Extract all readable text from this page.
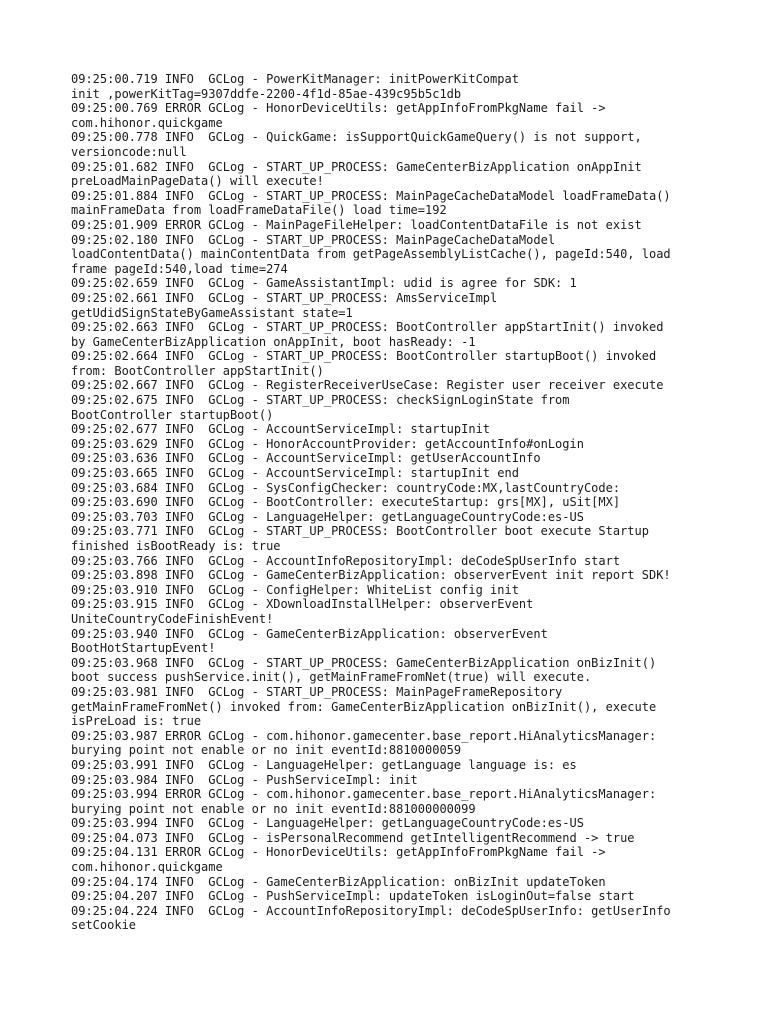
09:25:00.719 INFO  GCLog - PowerKitManager: initPowerKitCompat
init ,powerKitTag=9307ddfe-2200-4f1d-85ae-439c95b5c1db
09:25:00.769 ERROR GCLog - HonorDeviceUtils: getAppInfoFromPkgName fail ->
com.hihonor.quickgame
09:25:00.778 INFO  GCLog - QuickGame: isSupportQuickGameQuery() is not support,
versioncode:null
09:25:01.682 INFO  GCLog - START_UP_PROCESS: GameCenterBizApplication onAppInit
preLoadMainPageData() will execute!
09:25:01.884 INFO  GCLog - START_UP_PROCESS: MainPageCacheDataModel loadFrameData()
mainFrameData from loadFrameDataFile() load time=192
09:25:01.909 ERROR GCLog - MainPageFileHelper: loadContentDataFile is not exist
09:25:02.180 INFO  GCLog - START_UP_PROCESS: MainPageCacheDataModel
loadContentData() mainContentData from getPageAssemblyListCache(), pageId:540, load
frame pageId:540,load time=274
09:25:02.659 INFO  GCLog - GameAssistantImpl: udid is agree for SDK: 1
09:25:02.661 INFO  GCLog - START_UP_PROCESS: AmsServiceImpl
getUdidSignStateByGameAssistant state=1
09:25:02.663 INFO  GCLog - START_UP_PROCESS: BootController appStartInit() invoked
by GameCenterBizApplication onAppInit, boot hasReady: -1
09:25:02.664 INFO  GCLog - START_UP_PROCESS: BootController startupBoot() invoked
from: BootController appStartInit()
09:25:02.667 INFO  GCLog - RegisterReceiverUseCase: Register user receiver execute
09:25:02.675 INFO  GCLog - START_UP_PROCESS: checkSignLoginState from
BootController startupBoot()
09:25:02.677 INFO  GCLog - AccountServiceImpl: startupInit
09:25:03.629 INFO  GCLog - HonorAccountProvider: getAccountInfo#onLogin
09:25:03.636 INFO  GCLog - AccountServiceImpl: getUserAccountInfo
09:25:03.665 INFO  GCLog - AccountServiceImpl: startupInit end
09:25:03.684 INFO  GCLog - SysConfigChecker: countryCode:MX,lastCountryCode:
09:25:03.690 INFO  GCLog - BootController: executeStartup: grs[MX], uSit[MX]
09:25:03.703 INFO  GCLog - LanguageHelper: getLanguageCountryCode:es-US
09:25:03.771 INFO  GCLog - START_UP_PROCESS: BootController boot execute Startup
finished isBootReady is: true
09:25:03.766 INFO  GCLog - AccountInfoRepositoryImpl: deCodeSpUserInfo start
09:25:03.898 INFO  GCLog - GameCenterBizApplication: observerEvent init report SDK!
09:25:03.910 INFO  GCLog - ConfigHelper: WhiteList config init
09:25:03.915 INFO  GCLog - XDownloadInstallHelper: observerEvent
UniteCountryCodeFinishEvent!
09:25:03.940 INFO  GCLog - GameCenterBizApplication: observerEvent
BootHotStartupEvent!
09:25:03.968 INFO  GCLog - START_UP_PROCESS: GameCenterBizApplication onBizInit()
boot success pushService.init(), getMainFrameFromNet(true) will execute.
09:25:03.981 INFO  GCLog - START_UP_PROCESS: MainPageFrameRepository
getMainFrameFromNet() invoked from: GameCenterBizApplication onBizInit(), execute
isPreLoad is: true
09:25:03.987 ERROR GCLog - com.hihonor.gamecenter.base_report.HiAnalyticsManager:
burying point not enable or no init eventId:8810000059
09:25:03.991 INFO  GCLog - LanguageHelper: getLanguage language is: es
09:25:03.984 INFO  GCLog - PushServiceImpl: init
09:25:03.994 ERROR GCLog - com.hihonor.gamecenter.base_report.HiAnalyticsManager:
burying point not enable or no init eventId:881000000099
09:25:03.994 INFO  GCLog - LanguageHelper: getLanguageCountryCode:es-US
09:25:04.073 INFO  GCLog - isPersonalRecommend getIntelligentRecommend -> true
09:25:04.131 ERROR GCLog - HonorDeviceUtils: getAppInfoFromPkgName fail ->
com.hihonor.quickgame
09:25:04.174 INFO  GCLog - GameCenterBizApplication: onBizInit updateToken
09:25:04.207 INFO  GCLog - PushServiceImpl: updateToken isLoginOut=false start
09:25:04.224 INFO  GCLog - AccountInfoRepositoryImpl: deCodeSpUserInfo: getUserInfo
setCookie
